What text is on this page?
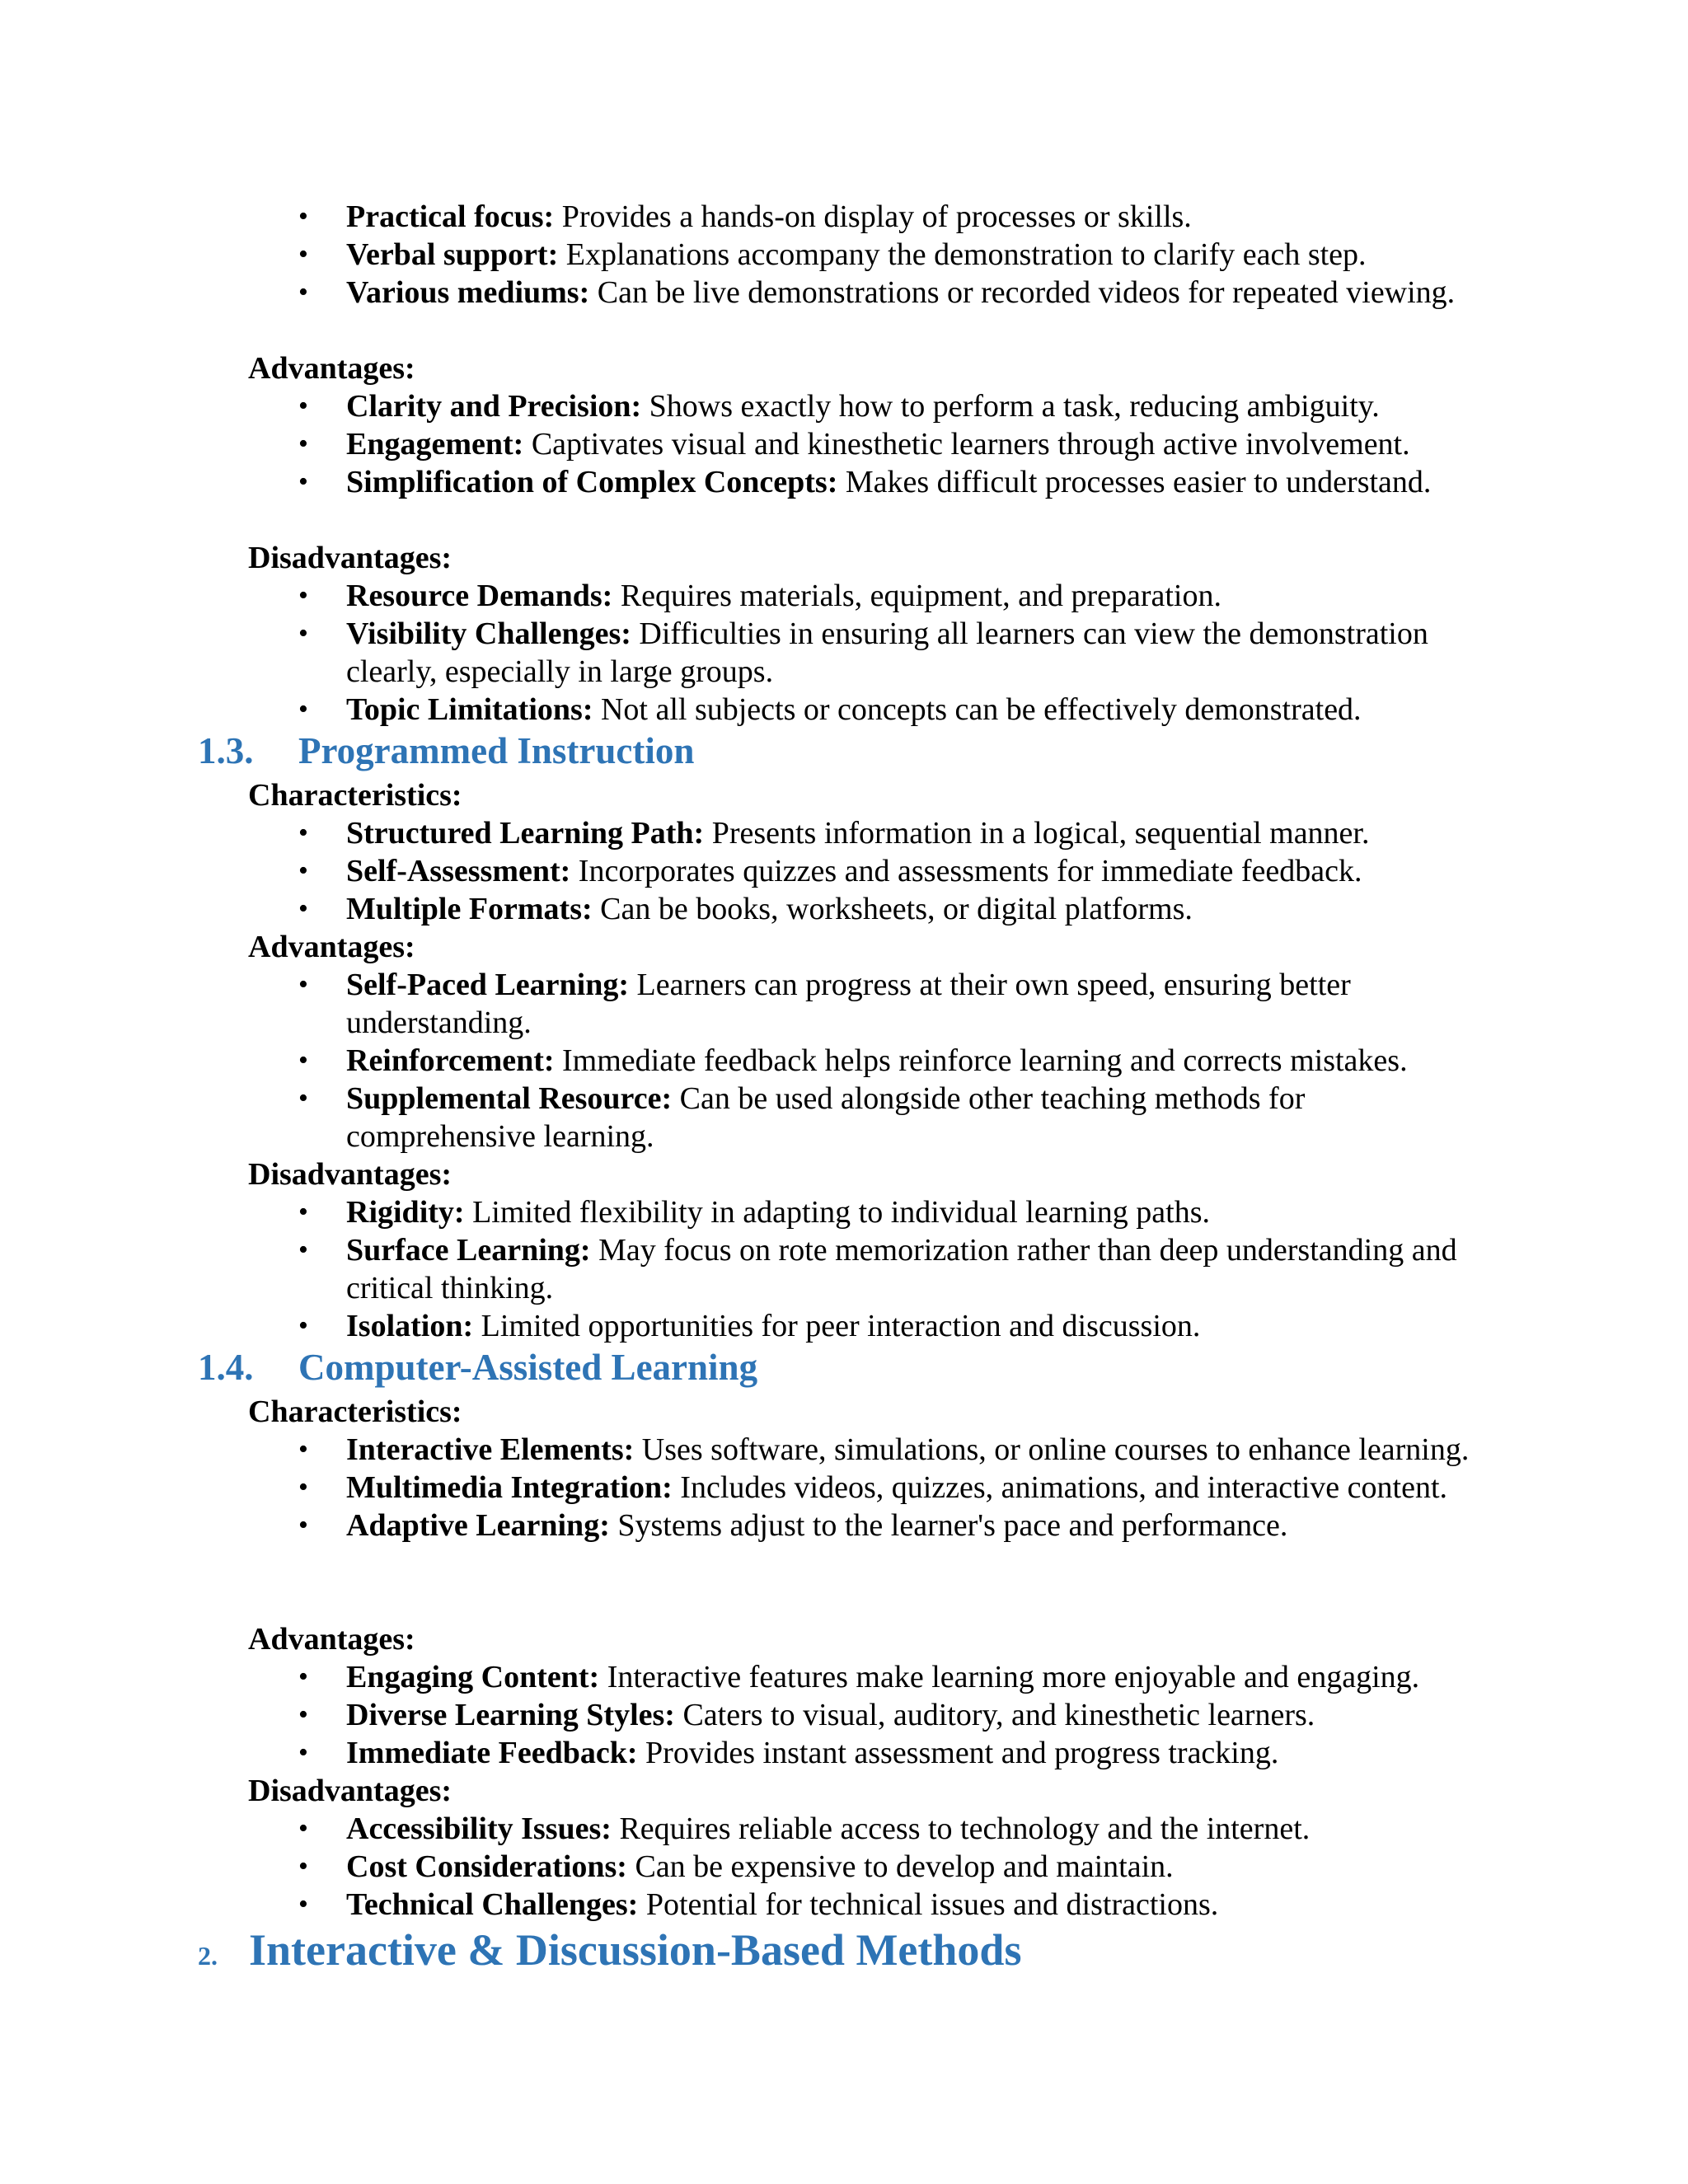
• Practical focus: Provides a hands-on display of processes or skills.
• Verbal support: Explanations accompany the demonstration to clarify each step.
• Various mediums: Can be live demonstrations or recorded videos for repeated viewing.
Advantages:
• Clarity and Precision: Shows exactly how to perform a task, reducing ambiguity.
• Engagement: Captivates visual and kinesthetic learners through active involvement.
• Simplification of Complex Concepts: Makes difficult processes easier to understand.
Disadvantages:
• Resource Demands: Requires materials, equipment, and preparation.
• Visibility Challenges: Difficulties in ensuring all learners can view the demonstration clearly, especially in large groups.
• Topic Limitations: Not all subjects or concepts can be effectively demonstrated.
1.3. Programmed Instruction
Characteristics:
• Structured Learning Path: Presents information in a logical, sequential manner.
• Self-Assessment: Incorporates quizzes and assessments for immediate feedback.
• Multiple Formats: Can be books, worksheets, or digital platforms.
Advantages:
• Self-Paced Learning: Learners can progress at their own speed, ensuring better understanding.
• Reinforcement: Immediate feedback helps reinforce learning and corrects mistakes.
• Supplemental Resource: Can be used alongside other teaching methods for comprehensive learning.
Disadvantages:
• Rigidity: Limited flexibility in adapting to individual learning paths.
• Surface Learning: May focus on rote memorization rather than deep understanding and critical thinking.
• Isolation: Limited opportunities for peer interaction and discussion.
1.4. Computer-Assisted Learning
Characteristics:
• Interactive Elements: Uses software, simulations, or online courses to enhance learning.
• Multimedia Integration: Includes videos, quizzes, animations, and interactive content.
• Adaptive Learning: Systems adjust to the learner's pace and performance.
Advantages:
• Engaging Content: Interactive features make learning more enjoyable and engaging.
• Diverse Learning Styles: Caters to visual, auditory, and kinesthetic learners.
• Immediate Feedback: Provides instant assessment and progress tracking.
Disadvantages:
• Accessibility Issues: Requires reliable access to technology and the internet.
• Cost Considerations: Can be expensive to develop and maintain.
• Technical Challenges: Potential for technical issues and distractions.
2. Interactive & Discussion-Based Methods
